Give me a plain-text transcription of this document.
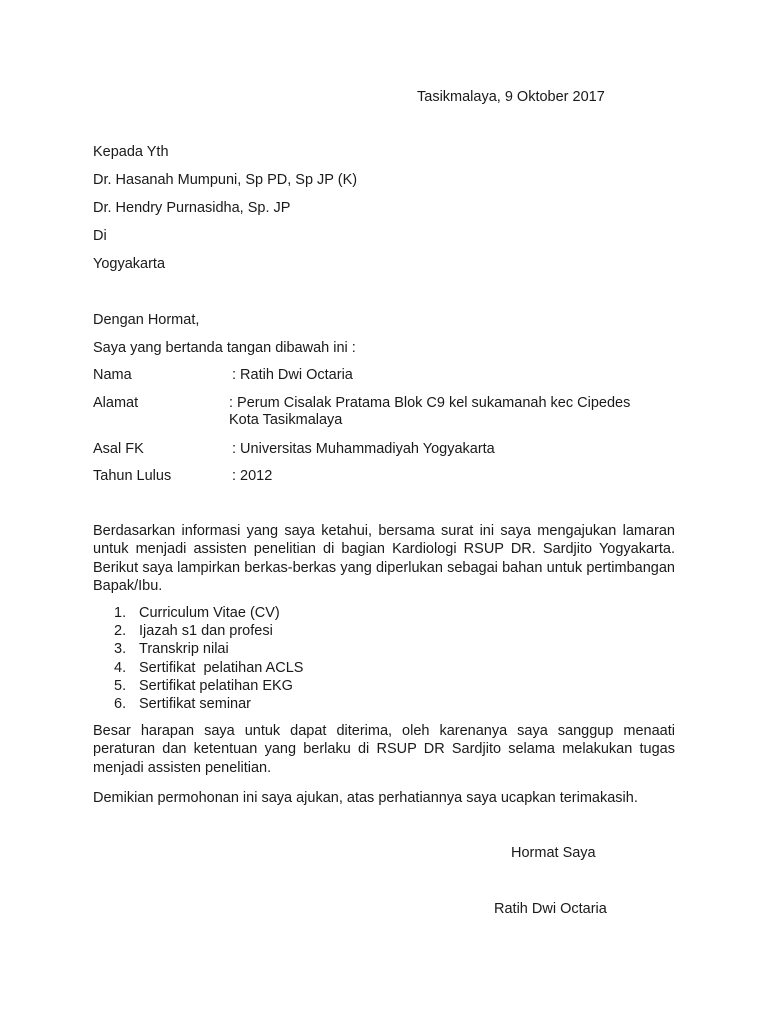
Tasikmalaya, 9 Oktober 2017
Kepada Yth
Dr. Hasanah Mumpuni, Sp PD, Sp JP (K)
Dr. Hendry Purnasidha, Sp. JP
Di
Yogyakarta
Dengan Hormat,
Saya yang bertanda tangan dibawah ini :
Nama	: Ratih Dwi Octaria
Alamat	: Perum Cisalak Pratama Blok C9 kel sukamanah kec Cipedes
Kota Tasikmalaya
Asal FK	: Universitas Muhammadiyah Yogyakarta
Tahun Lulus	: 2012
Berdasarkan informasi yang saya ketahui, bersama surat ini saya mengajukan lamaran untuk menjadi assisten penelitian di bagian Kardiologi RSUP DR. Sardjito Yogyakarta. Berikut saya lampirkan berkas-berkas yang diperlukan sebagai bahan untuk pertimbangan Bapak/Ibu.
1. Curriculum Vitae (CV)
2. Ijazah s1 dan profesi
3. Transkrip nilai
4. Sertifikat  pelatihan ACLS
5. Sertifikat pelatihan EKG
6. Sertifikat seminar
Besar harapan saya untuk dapat diterima, oleh karenanya saya sanggup menaati peraturan dan ketentuan yang berlaku di RSUP DR Sardjito selama melakukan tugas menjadi assisten penelitian.
Demikian permohonan ini saya ajukan, atas perhatiannya saya ucapkan terimakasih.
Hormat Saya
Ratih Dwi Octaria
